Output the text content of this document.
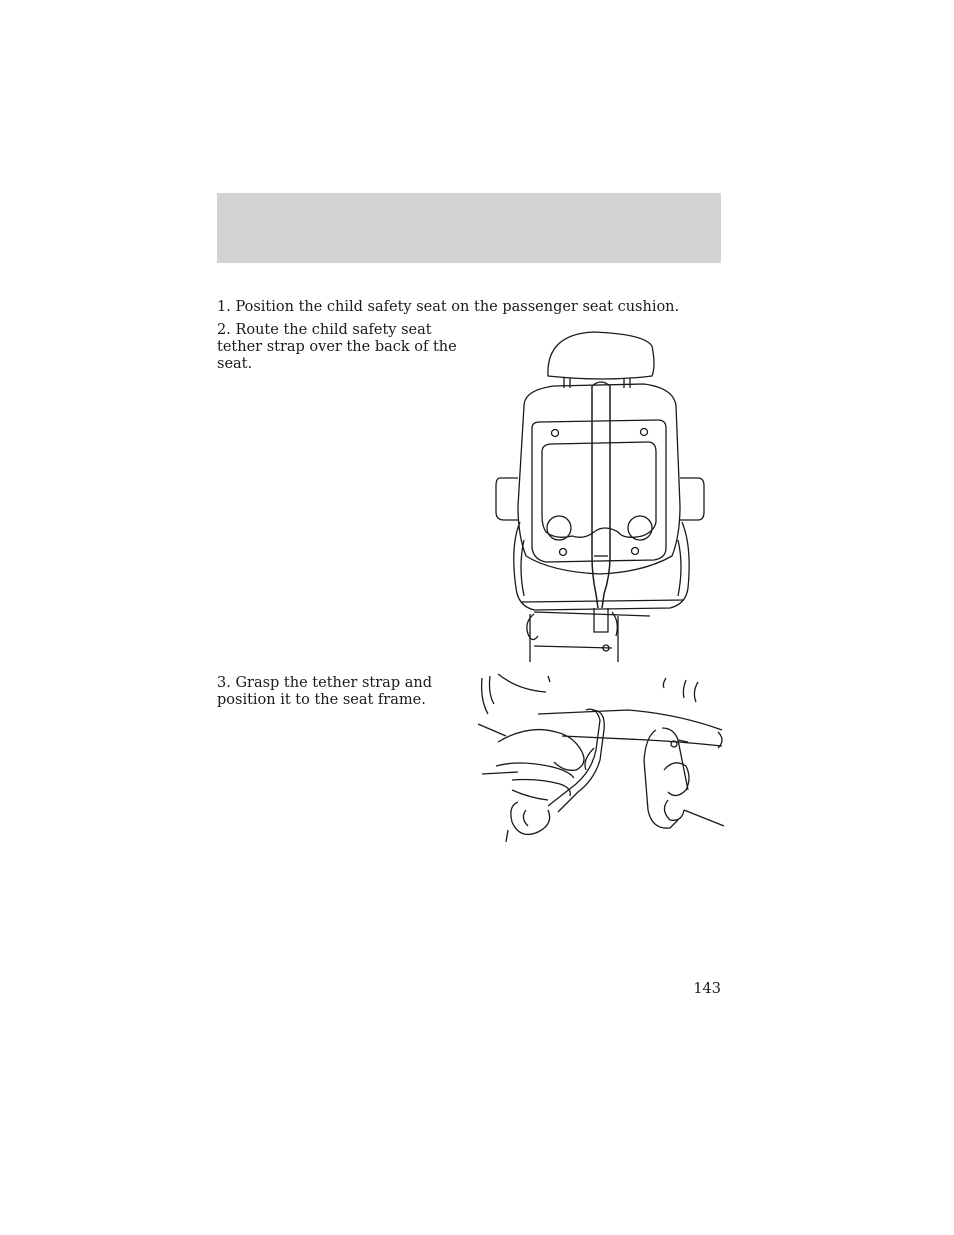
1. Position the child safety seat on the passenger seat cushion.

2. Route the child safety seat tether strap over the back of the seat.

3. Grasp the tether strap and position it to the seat frame.

143
